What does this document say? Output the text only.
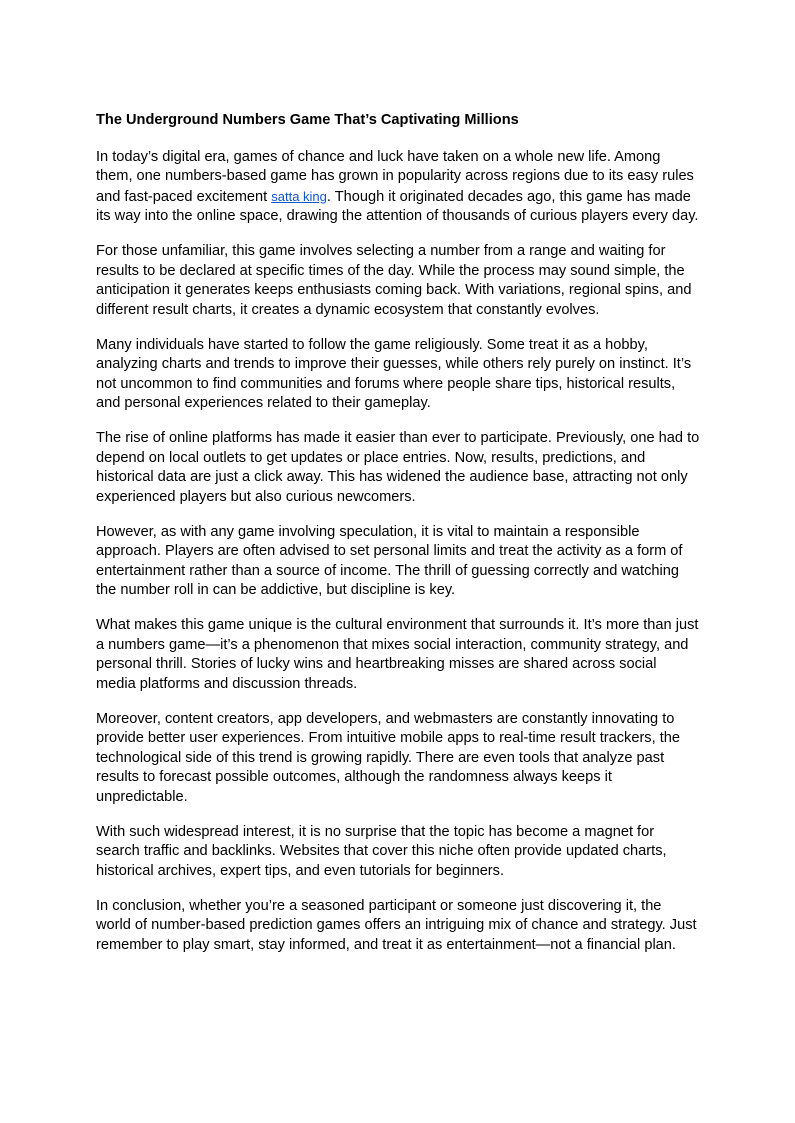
The Underground Numbers Game That’s Captivating Millions

In today’s digital era, games of chance and luck have taken on a whole new life. Among them, one numbers-based game has grown in popularity across regions due to its easy rules and fast-paced excitement satta king. Though it originated decades ago, this game has made its way into the online space, drawing the attention of thousands of curious players every day.

For those unfamiliar, this game involves selecting a number from a range and waiting for results to be declared at specific times of the day. While the process may sound simple, the anticipation it generates keeps enthusiasts coming back. With variations, regional spins, and different result charts, it creates a dynamic ecosystem that constantly evolves.

Many individuals have started to follow the game religiously. Some treat it as a hobby, analyzing charts and trends to improve their guesses, while others rely purely on instinct. It’s not uncommon to find communities and forums where people share tips, historical results, and personal experiences related to their gameplay.

The rise of online platforms has made it easier than ever to participate. Previously, one had to depend on local outlets to get updates or place entries. Now, results, predictions, and historical data are just a click away. This has widened the audience base, attracting not only experienced players but also curious newcomers.

However, as with any game involving speculation, it is vital to maintain a responsible approach. Players are often advised to set personal limits and treat the activity as a form of entertainment rather than a source of income. The thrill of guessing correctly and watching the number roll in can be addictive, but discipline is key.

What makes this game unique is the cultural environment that surrounds it. It’s more than just a numbers game—it’s a phenomenon that mixes social interaction, community strategy, and personal thrill. Stories of lucky wins and heartbreaking misses are shared across social media platforms and discussion threads.

Moreover, content creators, app developers, and webmasters are constantly innovating to provide better user experiences. From intuitive mobile apps to real-time result trackers, the technological side of this trend is growing rapidly. There are even tools that analyze past results to forecast possible outcomes, although the randomness always keeps it unpredictable.

With such widespread interest, it is no surprise that the topic has become a magnet for search traffic and backlinks. Websites that cover this niche often provide updated charts, historical archives, expert tips, and even tutorials for beginners.

In conclusion, whether you’re a seasoned participant or someone just discovering it, the world of number-based prediction games offers an intriguing mix of chance and strategy. Just remember to play smart, stay informed, and treat it as entertainment—not a financial plan.
